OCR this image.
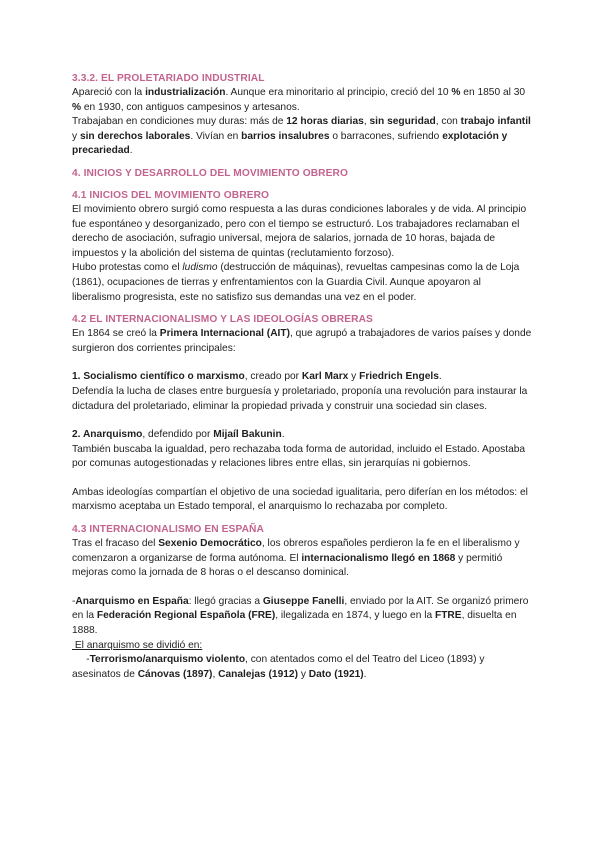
3.3.2. EL PROLETARIADO INDUSTRIAL

Apareció con la industrialización. Aunque era minoritario al principio, creció del 10 % en 1850 al 30 % en 1930, con antiguos campesinos y artesanos.

Trabajaban en condiciones muy duras: más de 12 horas diarias, sin seguridad, con trabajo infantil y sin derechos laborales. Vivían en barrios insalubres o barracones, sufriendo explotación y precariedad.

4. INICIOS Y DESARROLLO DEL MOVIMIENTO OBRERO
4.1 INICIOS DEL MOVIMIENTO OBRERO

El movimiento obrero surgió como respuesta a las duras condiciones laborales y de vida. Al principio fue espontáneo y desorganizado, pero con el tiempo se estructuró. Los trabajadores reclamaban el derecho de asociación, sufragio universal, mejora de salarios, jornada de 10 horas, bajada de impuestos y la abolición del sistema de quintas (reclutamiento forzoso).

Hubo protestas como el ludismo (destrucción de máquinas), revueltas campesinas como la de Loja (1861), ocupaciones de tierras y enfrentamientos con la Guardia Civil. Aunque apoyaron al liberalismo progresista, este no satisfizo sus demandas una vez en el poder.

4.2 EL INTERNACIONALISMO Y LAS IDEOLOGÍAS OBRERAS

En 1864 se creó la Primera Internacional (AIT), que agrupó a trabajadores de varios países y donde surgieron dos corrientes principales:

1. Socialismo científico o marxismo, creado por Karl Marx y Friedrich Engels.

Defendía la lucha de clases entre burguesía y proletariado, proponía una revolución para instaurar la dictadura del proletariado, eliminar la propiedad privada y construir una sociedad sin clases.

2. Anarquismo, defendido por Mijaíl Bakunin.

También buscaba la igualdad, pero rechazaba toda forma de autoridad, incluido el Estado. Apostaba por comunas autogestionadas y relaciones libres entre ellas, sin jerarquías ni gobiernos.

Ambas ideologías compartían el objetivo de una sociedad igualitaria, pero diferían en los métodos: el marxismo aceptaba un Estado temporal, el anarquismo lo rechazaba por completo.

4.3 INTERNACIONALISMO EN ESPAÑA

Tras el fracaso del Sexenio Democrático, los obreros españoles perdieron la fe en el liberalismo y comenzaron a organizarse de forma autónoma. El internacionalismo llegó en 1868 y permitió mejoras como la jornada de 8 horas o el descanso dominical.

-Anarquismo en España: llegó gracias a Giuseppe Fanelli, enviado por la AIT. Se organizó primero en la Federación Regional Española (FRE), ilegalizada en 1874, y luego en la FTRE, disuelta en 1888.

El anarquismo se dividió en:

-Terrorismo/anarquismo violento, con atentados como el del Teatro del Liceo (1893) y asesinatos de Cánovas (1897), Canalejas (1912) y Dato (1921).
